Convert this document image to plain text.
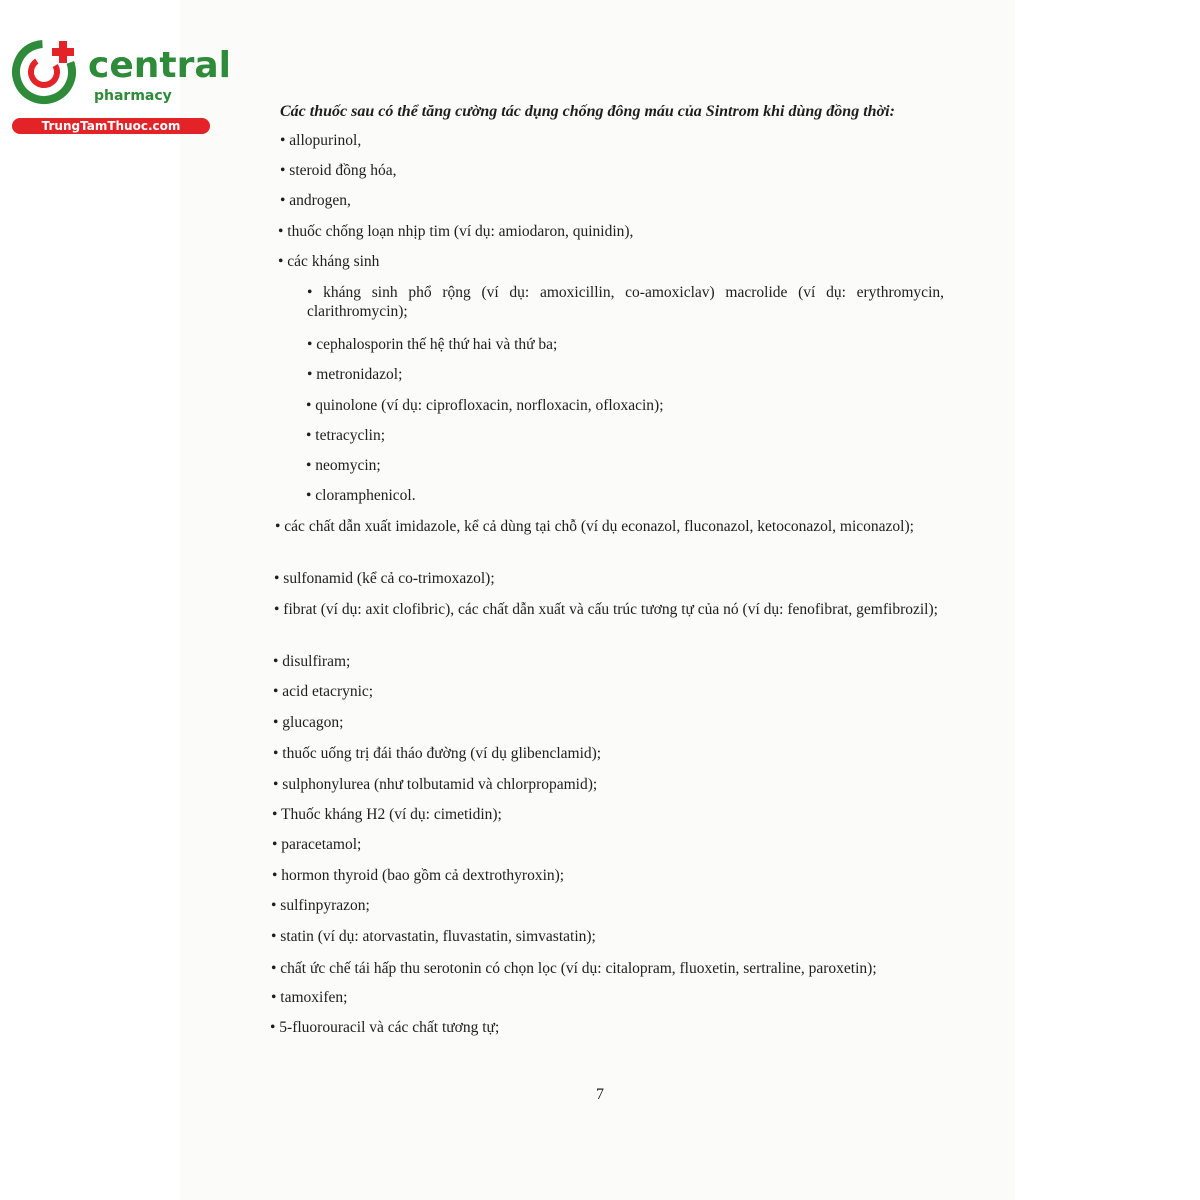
central
pharmacy
TrungTamThuoc.com
Các thuốc sau có thể tăng cường tác dụng chống đông máu của Sintrom khi dùng đồng thời:
• allopurinol,
• steroid đồng hóa,
• androgen,
• thuốc chống loạn nhịp tim (ví dụ: amiodaron, quinidin),
• các kháng sinh
• kháng sinh phổ rộng (ví dụ: amoxicillin, co-amoxiclav) macrolide (ví dụ: erythromycin, clarithromycin);
• cephalosporin thế hệ thứ hai và thứ ba;
• metronidazol;
• quinolone (ví dụ: ciprofloxacin, norfloxacin, ofloxacin);
• tetracyclin;
• neomycin;
• cloramphenicol.
• các chất dẫn xuất imidazole, kể cả dùng tại chỗ (ví dụ econazol, fluconazol, ketoconazol, miconazol);
• sulfonamid (kể cả co-trimoxazol);
• fibrat (ví dụ: axit clofibric), các chất dẫn xuất và cấu trúc tương tự của nó (ví dụ: fenofibrat, gemfibrozil);
• disulfiram;
• acid etacrynic;
• glucagon;
• thuốc uống trị đái tháo đường (ví dụ glibenclamid);
• sulphonylurea (như tolbutamid và chlorpropamid);
• Thuốc kháng H2 (ví dụ: cimetidin);
• paracetamol;
• hormon thyroid (bao gồm cả dextrothyroxin);
• sulfinpyrazon;
• statin (ví dụ: atorvastatin, fluvastatin, simvastatin);
• chất ức chế tái hấp thu serotonin có chọn lọc (ví dụ: citalopram, fluoxetin, sertraline, paroxetin);
• tamoxifen;
• 5-fluorouracil và các chất tương tự;
7
